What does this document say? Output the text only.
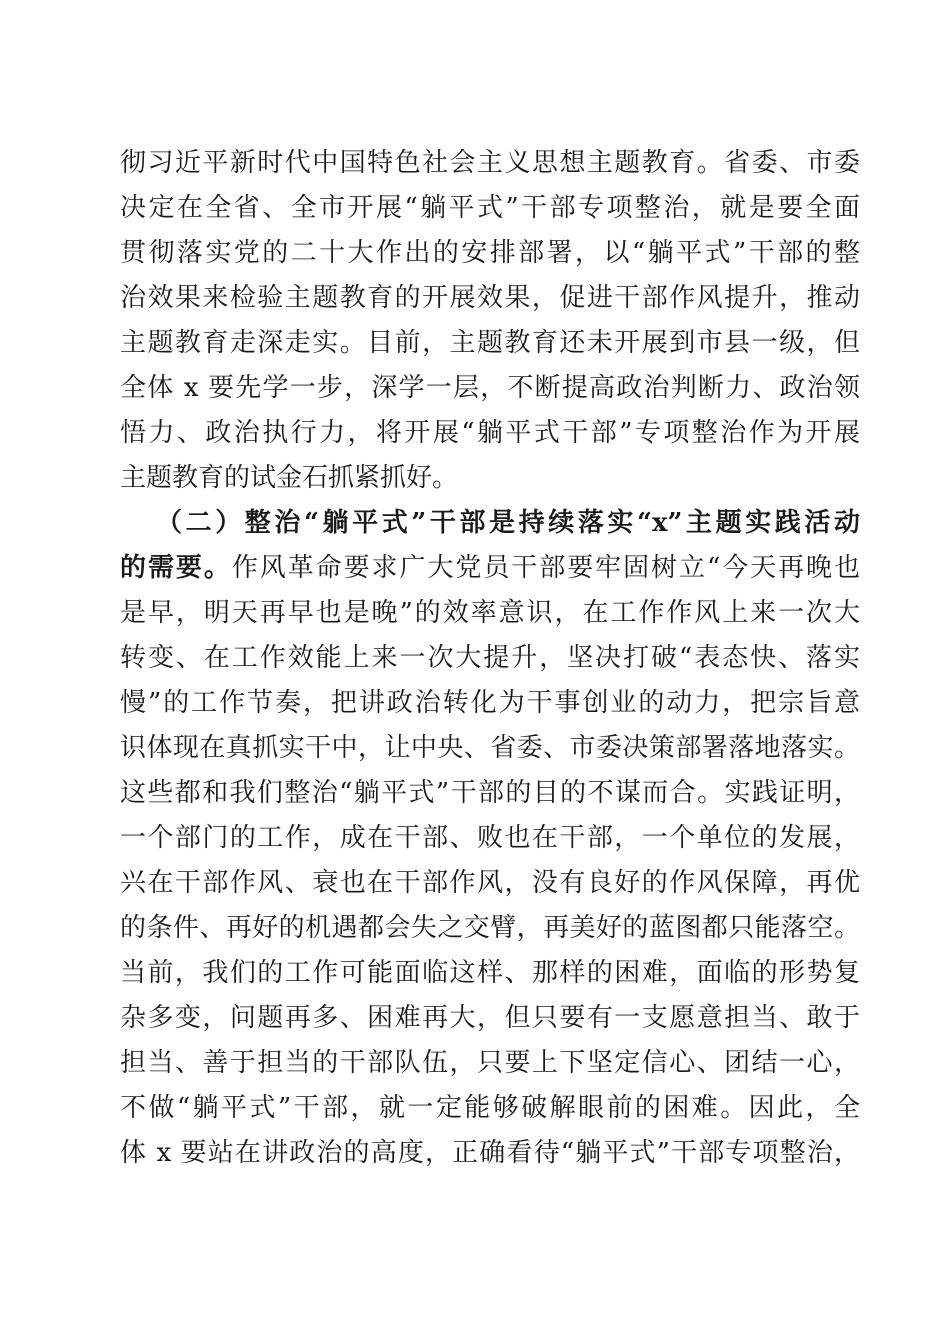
彻习近平新时代中国特色社会主义思想主题教育。省委、市委
决定在全省、全市开展“躺平式”干部专项整治，就是要全面
贯彻落实党的二十大作出的安排部署，以“躺平式”干部的整
治效果来检验主题教育的开展效果，促进干部作风提升，推动
主题教育走深走实。目前，主题教育还未开展到市县一级，但
全体 x 要先学一步，深学一层，不断提高政治判断力、政治领
悟力、政治执行力，将开展“躺平式干部”专项整治作为开展
主题教育的试金石抓紧抓好。
（二）整治“躺平式”干部是持续落实“x”主题实践活动
的需要。作风革命要求广大党员干部要牢固树立“今天再晚也
是早，明天再早也是晚”的效率意识，在工作作风上来一次大
转变、在工作效能上来一次大提升，坚决打破“表态快、落实
慢”的工作节奏，把讲政治转化为干事创业的动力，把宗旨意
识体现在真抓实干中，让中央、省委、市委决策部署落地落实。
这些都和我们整治“躺平式”干部的目的不谋而合。实践证明，
一个部门的工作，成在干部、败也在干部，一个单位的发展，
兴在干部作风、衰也在干部作风，没有良好的作风保障，再优
的条件、再好的机遇都会失之交臂，再美好的蓝图都只能落空。
当前，我们的工作可能面临这样、那样的困难，面临的形势复
杂多变，问题再多、困难再大，但只要有一支愿意担当、敢于
担当、善于担当的干部队伍，只要上下坚定信心、团结一心，
不做“躺平式”干部，就一定能够破解眼前的困难。因此，全
体 x 要站在讲政治的高度，正确看待“躺平式”干部专项整治，
